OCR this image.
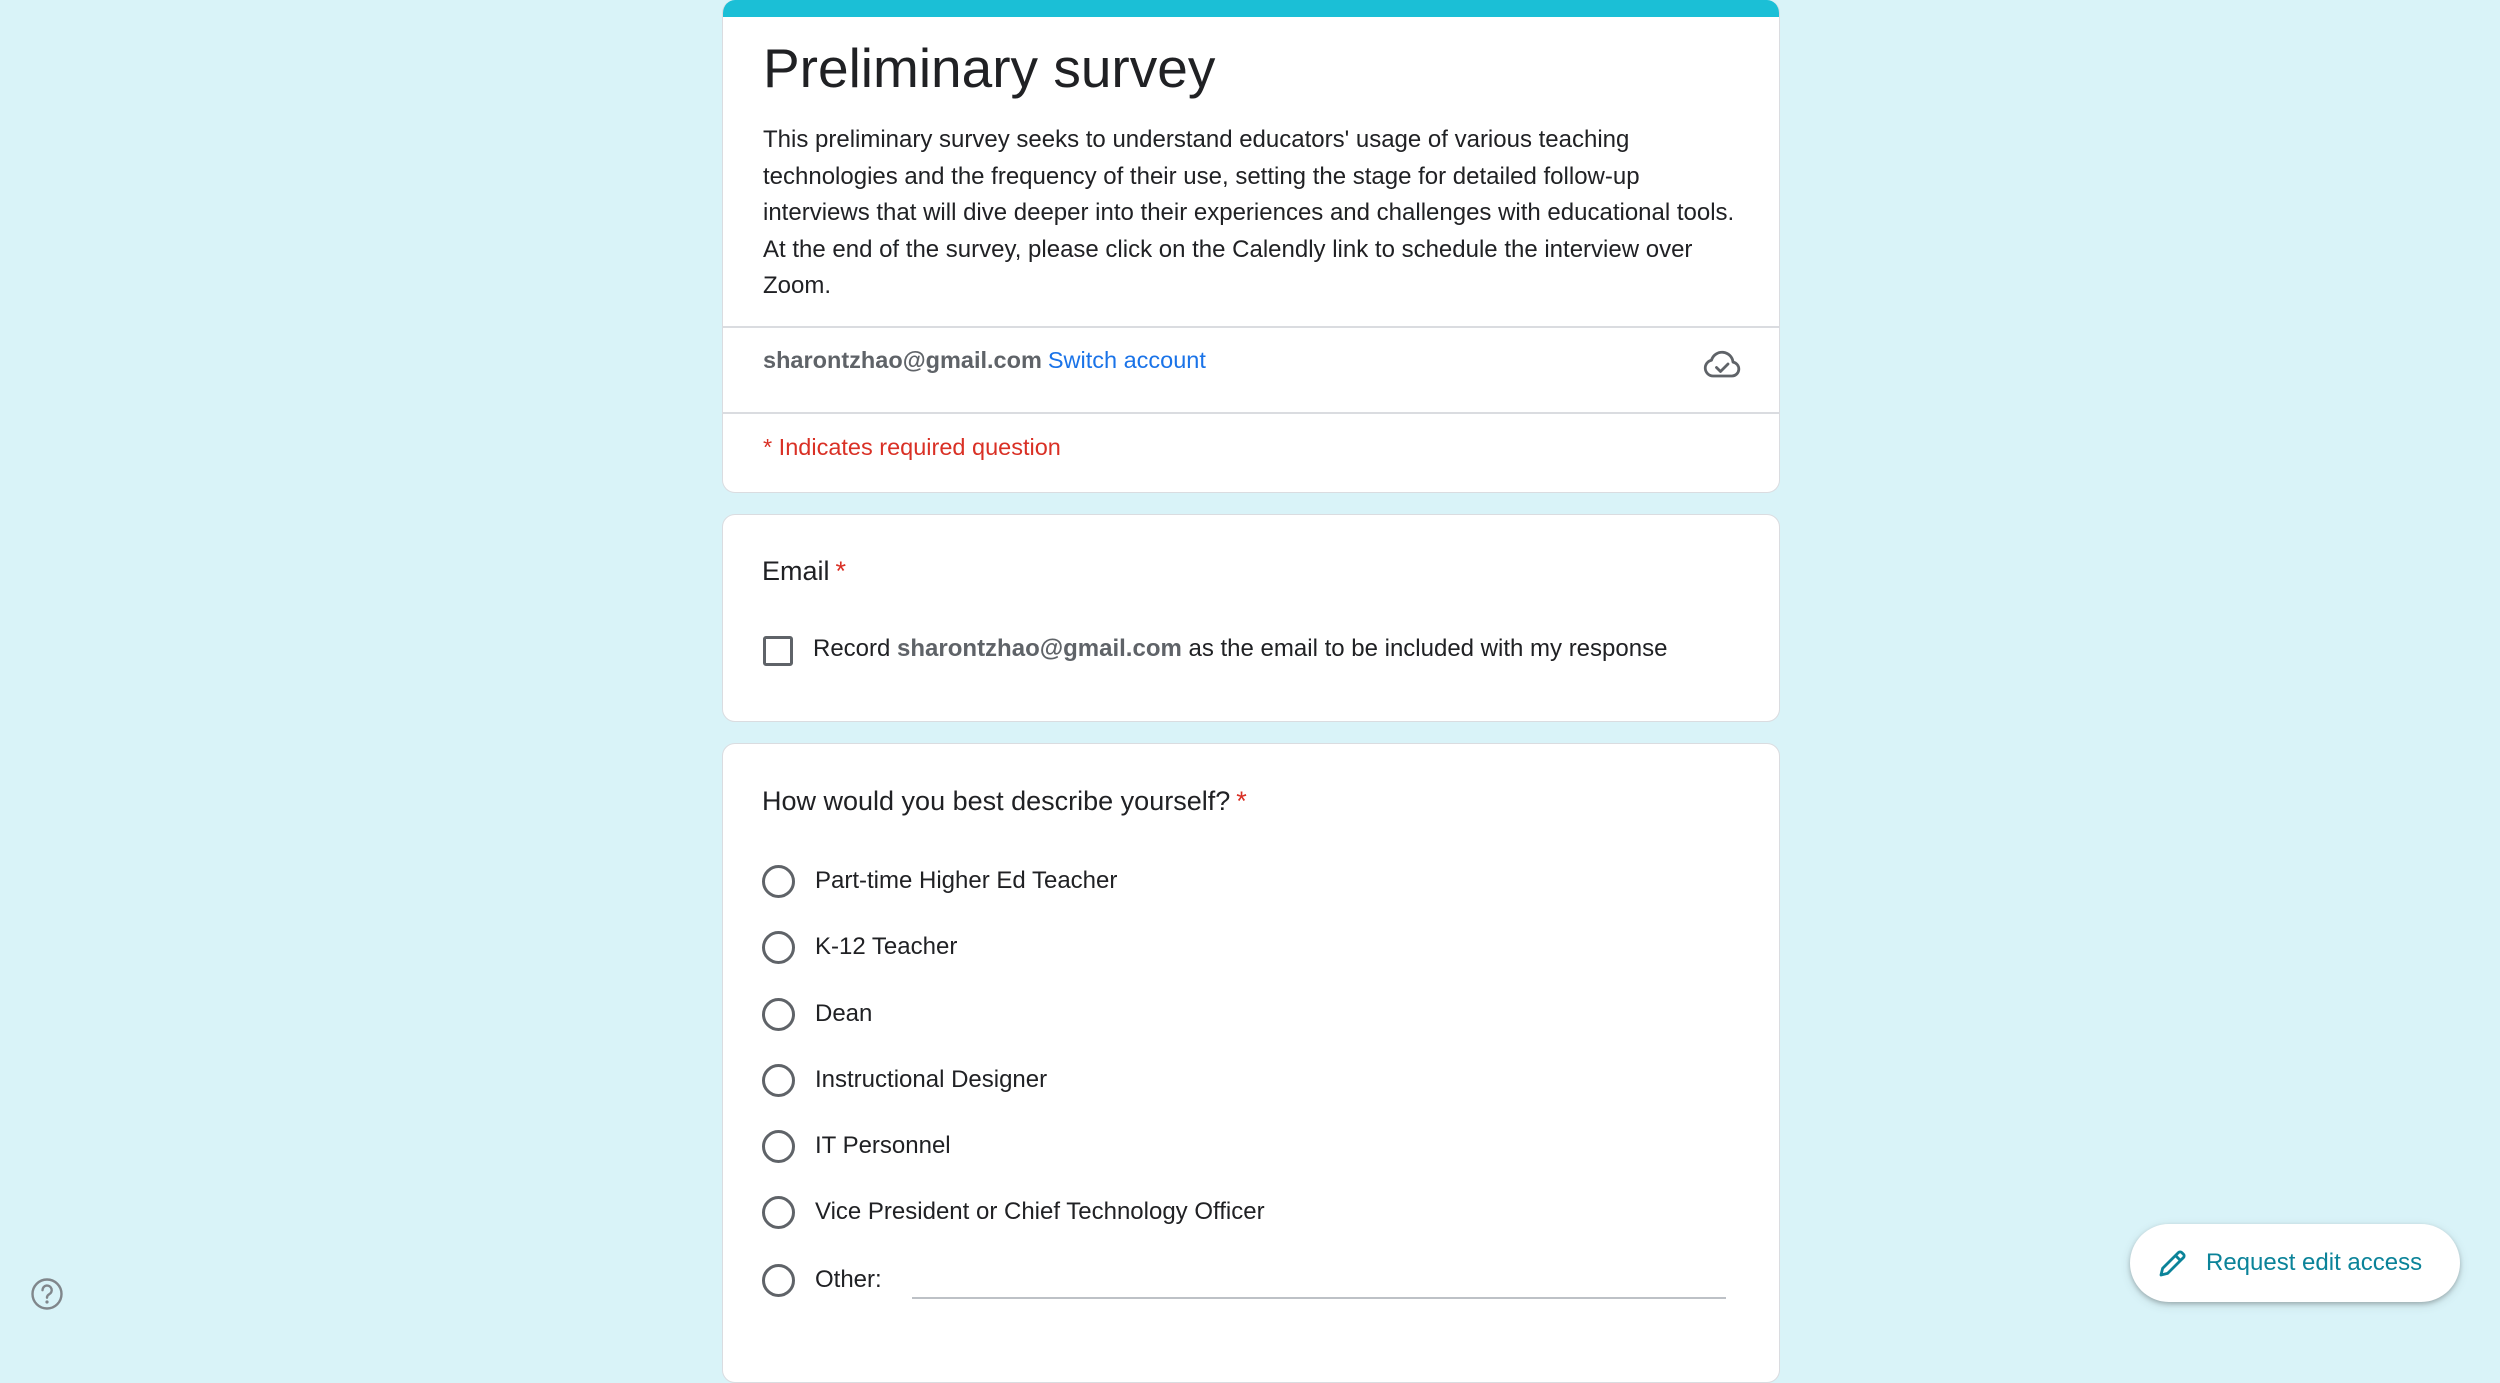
Preliminary survey
This preliminary survey seeks to understand educators' usage of various teaching technologies and the frequency of their use, setting the stage for detailed follow-up interviews that will dive deeper into their experiences and challenges with educational tools.  At the end of the survey, please click on the Calendly link to schedule the interview over Zoom.
sharontzhao@gmail.com Switch account
* Indicates required question
Email *
Record sharontzhao@gmail.com as the email to be included with my response
How would you best describe yourself? *
Part-time Higher Ed Teacher
K-12 Teacher
Dean
Instructional Designer
IT Personnel
Vice President or Chief Technology Officer
Other:
Request edit access
